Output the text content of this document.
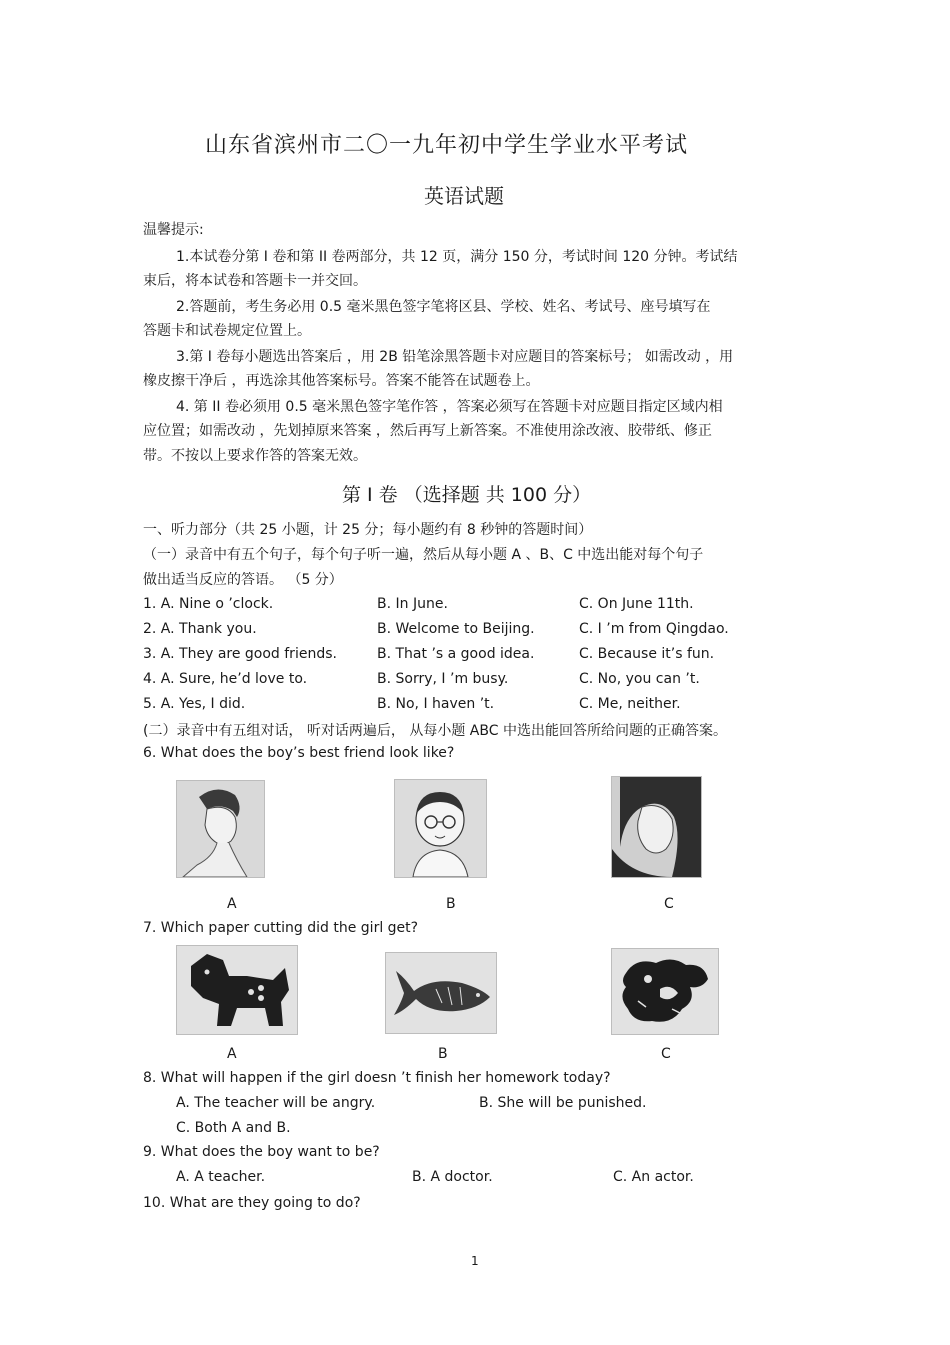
山东省滨州市二〇一九年初中学生学业水平考试
英语试题
温馨提示:
1.本试卷分第 I 卷和第 II 卷两部分，共 12 页，满分 150 分，考试时间 120 分钟。考试结
束后，将本试卷和答题卡一并交回。
2.答题前，考生务必用 0.5 毫米黑色签字笔将区县、学校、姓名、考试号、座号填写在
答题卡和试卷规定位置上。
3.第 I 卷每小题选出答案后 ，用 2B 铅笔涂黑答题卡对应题目的答案标号； 如需改动 ，用
橡皮擦干净后 ，再选涂其他答案标号。答案不能答在试题卷上。
4. 第 II 卷必须用 0.5 毫米黑色签字笔作答 ，答案必须写在答题卡对应题目指定区域内相
应位置；如需改动 ，先划掉原来答案 ，然后再写上新答案。不准使用涂改液、胶带纸、修正
带。不按以上要求作答的答案无效。
第 I 卷 （选择题 共 100 分）
一、听力部分（共 25 小题，计 25 分；每小题约有 8 秒钟的答题时间）
（一）录音中有五个句子，每个句子听一遍，然后从每小题 A 、B、C 中选出能对每个句子
做出适当反应的答语。 （5 分）
1. A. Nine o ’clock.	B. In June.	C. On June 11th.
2. A. Thank you.	B. Welcome to Beijing.	C. I ’m from Qingdao.
3. A. They are good friends.	B. That ’s a good idea.	C. Because it’s fun.
4. A. Sure, he’d love to.	B. Sorry, I ’m busy.	C. No, you can ’t.
5. A. Yes, I did.	B. No, I haven ’t.	C. Me, neither.
(二）录音中有五组对话， 听对话两遍后， 从每小题 ABC 中选出能回答所给问题的正确答案。
6. What does the boy’s best friend look like?
A	B	C
7. Which paper cutting did the girl get?
A	B	C
8. What will happen if the girl doesn ’t finish her homework today?
A. The teacher will be angry.	B. She will be punished.
C. Both A and B.
9. What does the boy want to be?
A. A teacher.	B. A doctor.	C. An actor.
10. What are they going to do?
1
